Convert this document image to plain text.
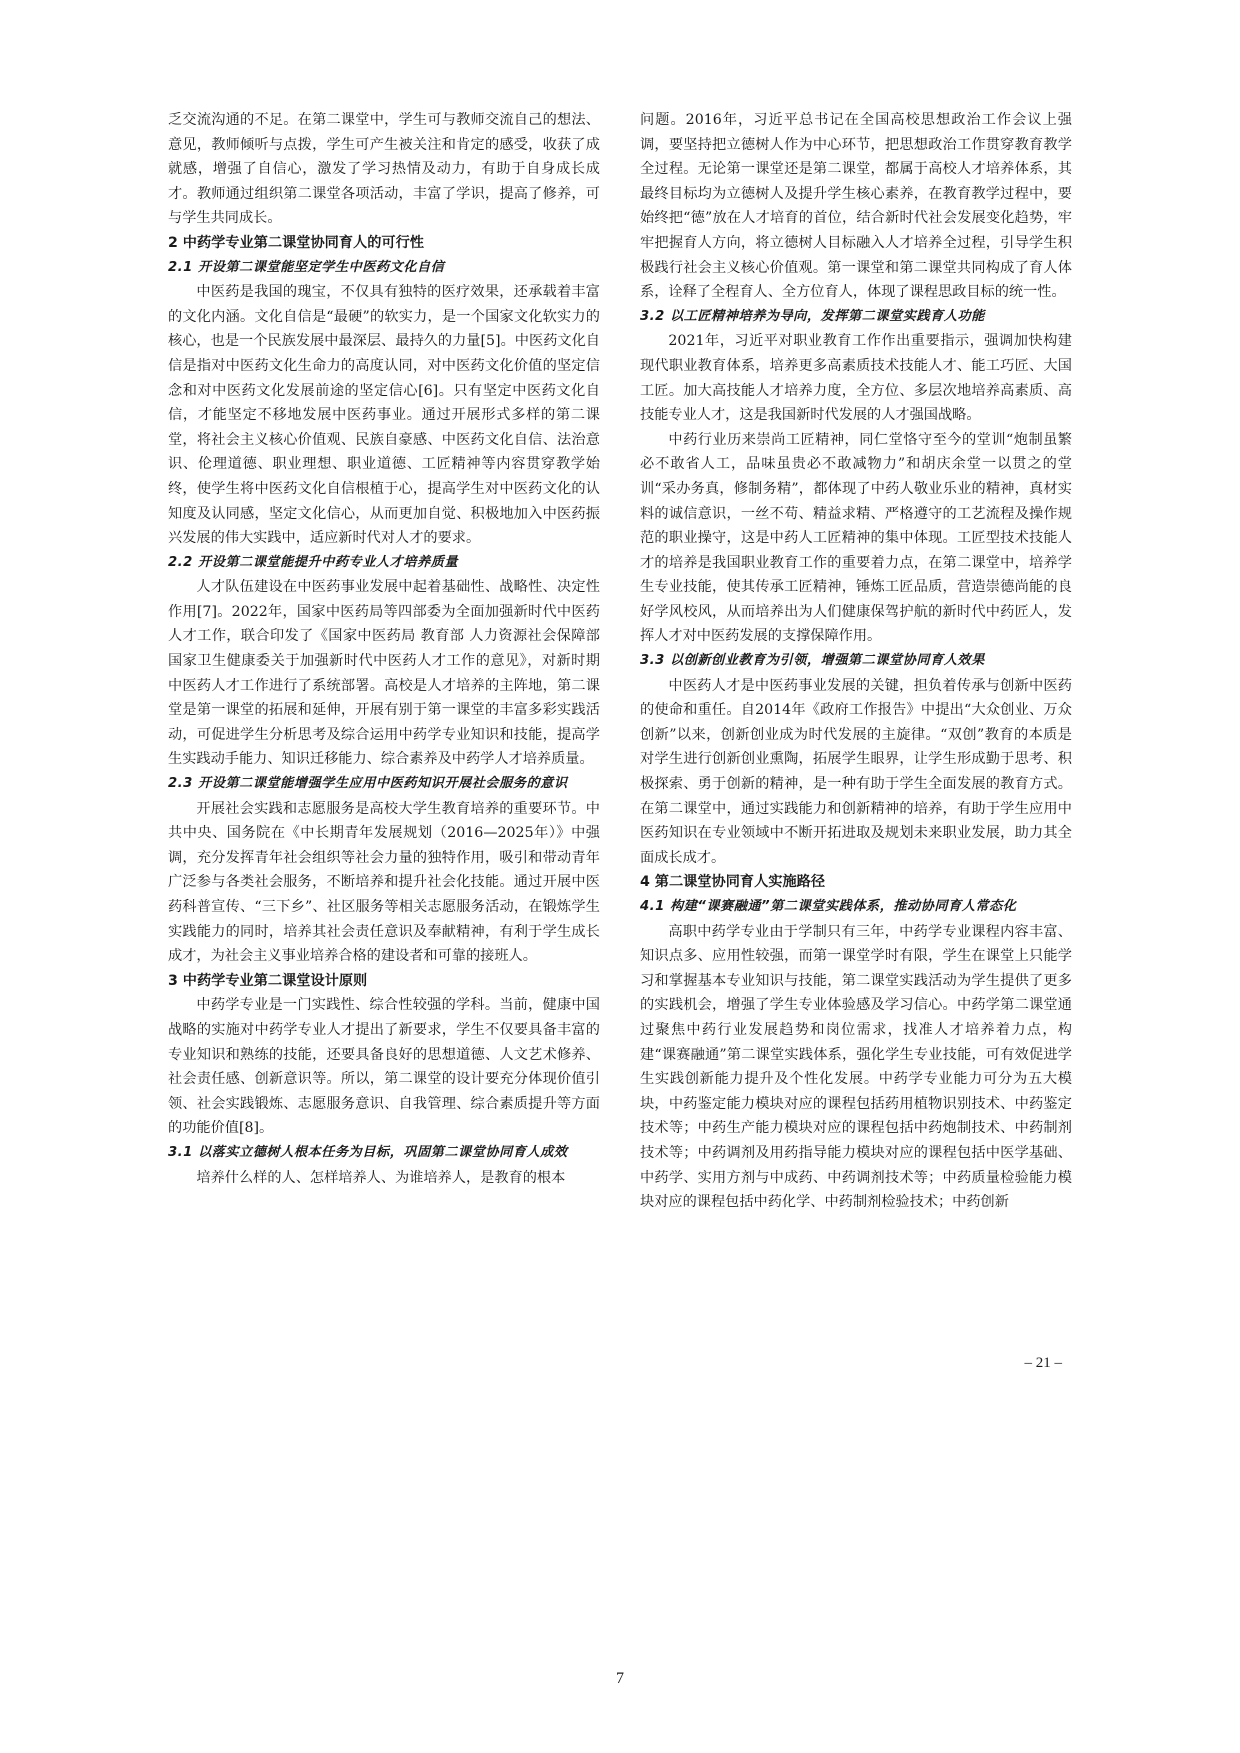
乏交流沟通的不足。在第二课堂中，学生可与教师交流自己的想法、意见，教师倾听与点拨，学生可产生被关注和肯定的感受，收获了成就感，增强了自信心，激发了学习热情及动力，有助于自身成长成才。教师通过组织第二课堂各项活动，丰富了学识，提高了修养，可与学生共同成长。

2 中药学专业第二课堂协同育人的可行性
2.1 开设第二课堂能坚定学生中医药文化自信

中医药是我国的瑰宝，不仅具有独特的医疗效果，还承载着丰富的文化内涵。文化自信是“最硬”的软实力，是一个国家文化软实力的核心，也是一个民族发展中最深层、最持久的力量[5]。中医药文化自信是指对中医药文化生命力的高度认同，对中医药文化价值的坚定信念和对中医药文化发展前途的坚定信心[6]。只有坚定中医药文化自信，才能坚定不移地发展中医药事业。通过开展形式多样的第二课堂，将社会主义核心价值观、民族自豪感、中医药文化自信、法治意识、伦理道德、职业理想、职业道德、工匠精神等内容贯穿教学始终，使学生将中医药文化自信根植于心，提高学生对中医药文化的认知度及认同感，坚定文化信心，从而更加自觉、积极地加入中医药振兴发展的伟大实践中，适应新时代对人才的要求。

2.2 开设第二课堂能提升中药专业人才培养质量

人才队伍建设在中医药事业发展中起着基础性、战略性、决定性作用[7]。2022年，国家中医药局等四部委为全面加强新时代中医药人才工作，联合印发了《国家中医药局 教育部 人力资源社会保障部 国家卫生健康委关于加强新时代中医药人才工作的意见》，对新时期中医药人才工作进行了系统部署。高校是人才培养的主阵地，第二课堂是第一课堂的拓展和延伸，开展有别于第一课堂的丰富多彩实践活动，可促进学生分析思考及综合运用中药学专业知识和技能，提高学生实践动手能力、知识迁移能力、综合素养及中药学人才培养质量。

2.3 开设第二课堂能增强学生应用中医药知识开展社会服务的意识

开展社会实践和志愿服务是高校大学生教育培养的重要环节。中共中央、国务院在《中长期青年发展规划（2016—2025年）》中强调，充分发挥青年社会组织等社会力量的独特作用，吸引和带动青年广泛参与各类社会服务，不断培养和提升社会化技能。通过开展中医药科普宣传、“三下乡”、社区服务等相关志愿服务活动，在锻炼学生实践能力的同时，培养其社会责任意识及奉献精神，有利于学生成长成才，为社会主义事业培养合格的建设者和可靠的接班人。

3 中药学专业第二课堂设计原则

中药学专业是一门实践性、综合性较强的学科。当前，健康中国战略的实施对中药学专业人才提出了新要求，学生不仅要具备丰富的专业知识和熟练的技能，还要具备良好的思想道德、人文艺术修养、社会责任感、创新意识等。所以，第二课堂的设计要充分体现价值引领、社会实践锻炼、志愿服务意识、自我管理、综合素质提升等方面的功能价值[8]。

3.1 以落实立德树人根本任务为目标，巩固第二课堂协同育人成效

培养什么样的人、怎样培养人、为谁培养人，是教育的根本

问题。2016年，习近平总书记在全国高校思想政治工作会议上强调，要坚持把立德树人作为中心环节，把思想政治工作贯穿教育教学全过程。无论第一课堂还是第二课堂，都属于高校人才培养体系，其最终目标均为立德树人及提升学生核心素养，在教育教学过程中，要始终把“德”放在人才培育的首位，结合新时代社会发展变化趋势，牢牢把握育人方向，将立德树人目标融入人才培养全过程，引导学生积极践行社会主义核心价值观。第一课堂和第二课堂共同构成了育人体系，诠释了全程育人、全方位育人，体现了课程思政目标的统一性。

3.2 以工匠精神培养为导向，发挥第二课堂实践育人功能

2021年，习近平对职业教育工作作出重要指示，强调加快构建现代职业教育体系，培养更多高素质技术技能人才、能工巧匠、大国工匠。加大高技能人才培养力度，全方位、多层次地培养高素质、高技能专业人才，这是我国新时代发展的人才强国战略。

中药行业历来崇尚工匠精神，同仁堂恪守至今的堂训“炮制虽繁必不敢省人工，品味虽贵必不敢减物力”和胡庆余堂一以贯之的堂训“采办务真，修制务精”，都体现了中药人敬业乐业的精神，真材实料的诚信意识，一丝不苟、精益求精、严格遵守的工艺流程及操作规范的职业操守，这是中药人工匠精神的集中体现。工匠型技术技能人才的培养是我国职业教育工作的重要着力点，在第二课堂中，培养学生专业技能，使其传承工匠精神，锤炼工匠品质，营造崇德尚能的良好学风校风，从而培养出为人们健康保驾护航的新时代中药匠人，发挥人才对中医药发展的支撑保障作用。

3.3 以创新创业教育为引领，增强第二课堂协同育人效果

中医药人才是中医药事业发展的关键，担负着传承与创新中医药的使命和重任。自2014年《政府工作报告》中提出“大众创业、万众创新”以来，创新创业成为时代发展的主旋律。“双创”教育的本质是对学生进行创新创业熏陶，拓展学生眼界，让学生形成勤于思考、积极探索、勇于创新的精神，是一种有助于学生全面发展的教育方式。在第二课堂中，通过实践能力和创新精神的培养，有助于学生应用中医药知识在专业领域中不断开拓进取及规划未来职业发展，助力其全面成长成才。

4 第二课堂协同育人实施路径
4.1 构建“课赛融通”第二课堂实践体系，推动协同育人常态化

高职中药学专业由于学制只有三年，中药学专业课程内容丰富、知识点多、应用性较强，而第一课堂学时有限，学生在课堂上只能学习和掌握基本专业知识与技能，第二课堂实践活动为学生提供了更多的实践机会，增强了学生专业体验感及学习信心。中药学第二课堂通过聚焦中药行业发展趋势和岗位需求，找准人才培养着力点，构建“课赛融通”第二课堂实践体系，强化学生专业技能，可有效促进学生实践创新能力提升及个性化发展。中药学专业能力可分为五大模块，中药鉴定能力模块对应的课程包括药用植物识别技术、中药鉴定技术等；中药生产能力模块对应的课程包括中药炮制技术、中药制剂技术等；中药调剂及用药指导能力模块对应的课程包括中医学基础、中药学、实用方剂与中成药、中药调剂技术等；中药质量检验能力模块对应的课程包括中药化学、中药制剂检验技术；中药创新

– 21 –
7
